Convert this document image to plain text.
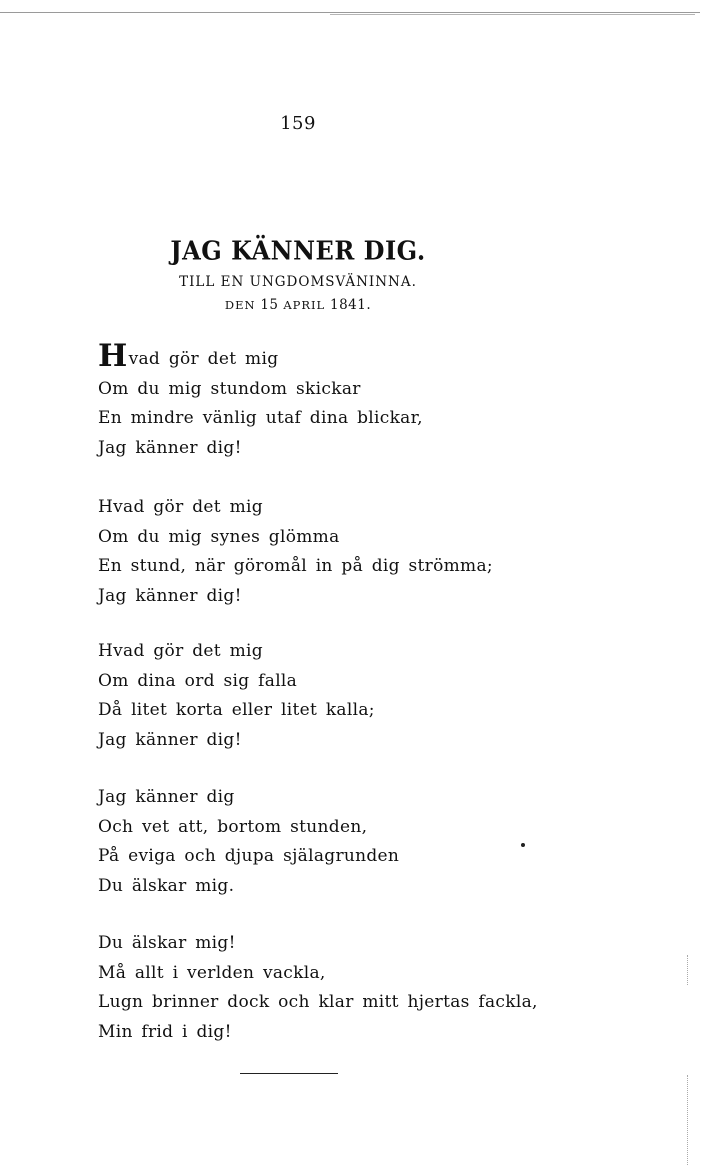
159
JAG KÄNNER DIG.
TILL EN UNGDOMSVÄNINNA.
DEN 15 APRIL 1841.
Hvad gör det mig
Om du mig stundom skickar
En mindre vänlig utaf dina blickar,
Jag känner dig!
Hvad gör det mig
Om du mig synes glömma
En stund, när göromål in på dig strömma;
Jag känner dig!
Hvad gör det mig
Om dina ord sig falla
Då litet korta eller litet kalla;
Jag känner dig!
Jag känner dig
Och vet att, bortom stunden,
På eviga och djupa själagrunden
Du älskar mig.
Du älskar mig!
Må allt i verlden vackla,
Lugn brinner dock och klar mitt hjertas fackla,
Min frid i dig!
